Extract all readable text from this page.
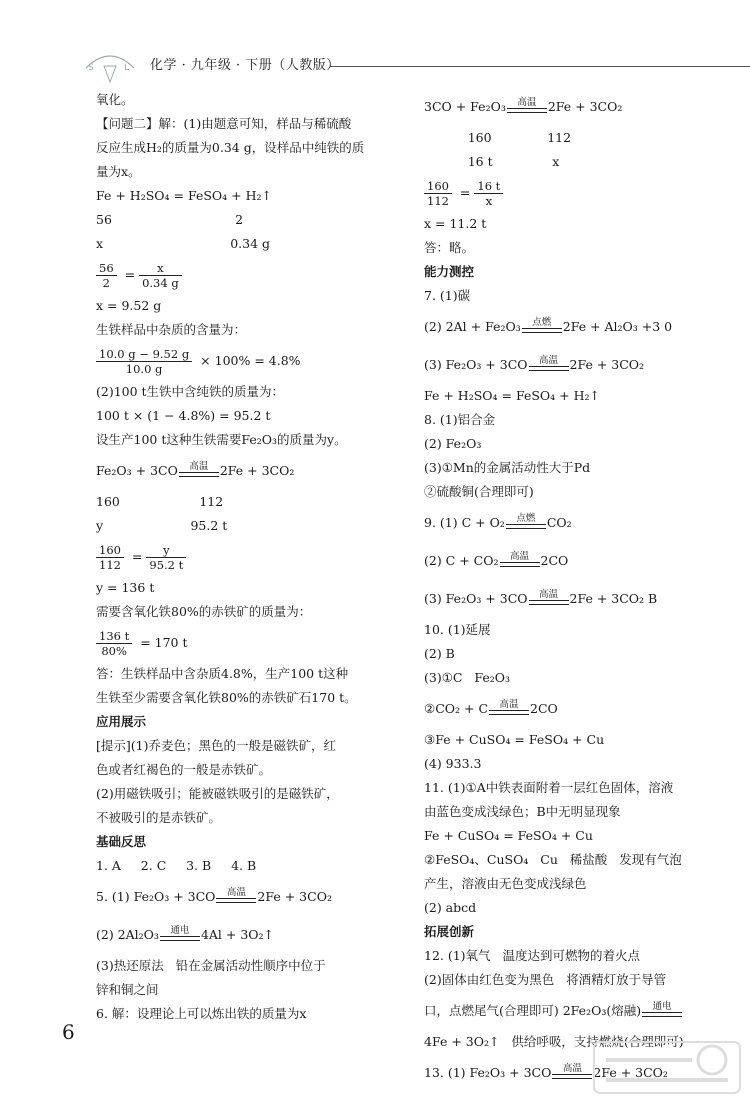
S	L 化学 · 九年级 · 下册（人教版）
氧化。
【问题二】解：(1)由题意可知，样品与稀硫酸
反应生成H₂的质量为0.34 g，设样品中纯铁的质
量为x。
Fe + H₂SO₄ = FeSO₄ + H₂↑
56                               2
x                                0.34 g
$\frac{56}{2} = \frac{x}{0.34 g}$
x = 9.52 g
生铁样品中杂质的含量为：
$\frac{10.0 g - 9.52 g}{10.0 g} \times 100\% = 4.8\%$
(2)100 t生铁中含纯铁的质量为：
100 t × (1 − 4.8%) = 95.2 t
设生产100 t这种生铁需要Fe₂O₃的质量为y。
Fe₂O₃ + 3CO	高温 2Fe + 3CO₂
160                    112
y                      95.2 t
$\frac{160}{112} = \frac{y}{95.2 t}$
y = 136 t
需要含氧化铁80%的赤铁矿的质量为：
$\frac{136 t}{80\%} = 170$ t
答：生铁样品中含杂质4.8%，生产100 t这种
生铁至少需要含氧化铁80%的赤铁矿石170 t。
应用展示
[提示](1)乔麦色；黑色的一般是磁铁矿，红
色或者红褐色的一般是赤铁矿。
(2)用磁铁吸引；能被磁铁吸引的是磁铁矿，
不被吸引的是赤铁矿。
基础反思
1. A     2. C     3. B     4. B
5. (1) Fe₂O₃ + 3CO	高温 2Fe + 3CO₂
(2) 2Al₂O₃	通电 4Al + 3O₂↑
(3)热还原法   铅在金属活动性顺序中位于
锌和铜之间
6. 解：设理论上可以炼出铁的质量为x
3CO + Fe₂O₃	高温 2Fe + 3CO₂
160              112
16 t               x
$\frac{160}{112} = \frac{16 t}{x}$
x = 11.2 t
答：略。
能力测控
7. (1)碳
(2) 2Al + Fe₂O₃	点燃 2Fe + Al₂O₃ +3 0
(3) Fe₂O₃ + 3CO	高温 2Fe + 3CO₂
Fe + H₂SO₄ = FeSO₄ + H₂↑
8. (1)铝合金
(2) Fe₂O₃
(3)①Mn的金属活动性大于Pd
②硫酸铜(合理即可)
9. (1) C + O₂	点燃 CO₂
(2) C + CO₂	高温 2CO
(3) Fe₂O₃ + 3CO	高温 2Fe + 3CO₂ B
10. (1)延展
(2) B
(3)①C   Fe₂O₃
②CO₂ + C	高温 2CO
③Fe + CuSO₄ = FeSO₄ + Cu
(4) 933.3
11. (1)①A中铁表面附着一层红色固体，溶液
由蓝色变成浅绿色；B中无明显现象
Fe + CuSO₄ = FeSO₄ + Cu
②FeSO₄、CuSO₄   Cu   稀盐酸   发现有气泡
产生，溶液由无色变成浅绿色
(2) abcd
拓展创新
12. (1)氧气   温度达到可燃物的着火点
(2)固体由红色变为黑色   将酒精灯放于导管
口，点燃尾气(合理即可) 2Fe₂O₃(熔融)	通电
4Fe + 3O₂↑   供给呼吸，支持燃烧(合理即可)
13. (1) Fe₂O₃ + 3CO	高温 2Fe + 3CO₂
6
